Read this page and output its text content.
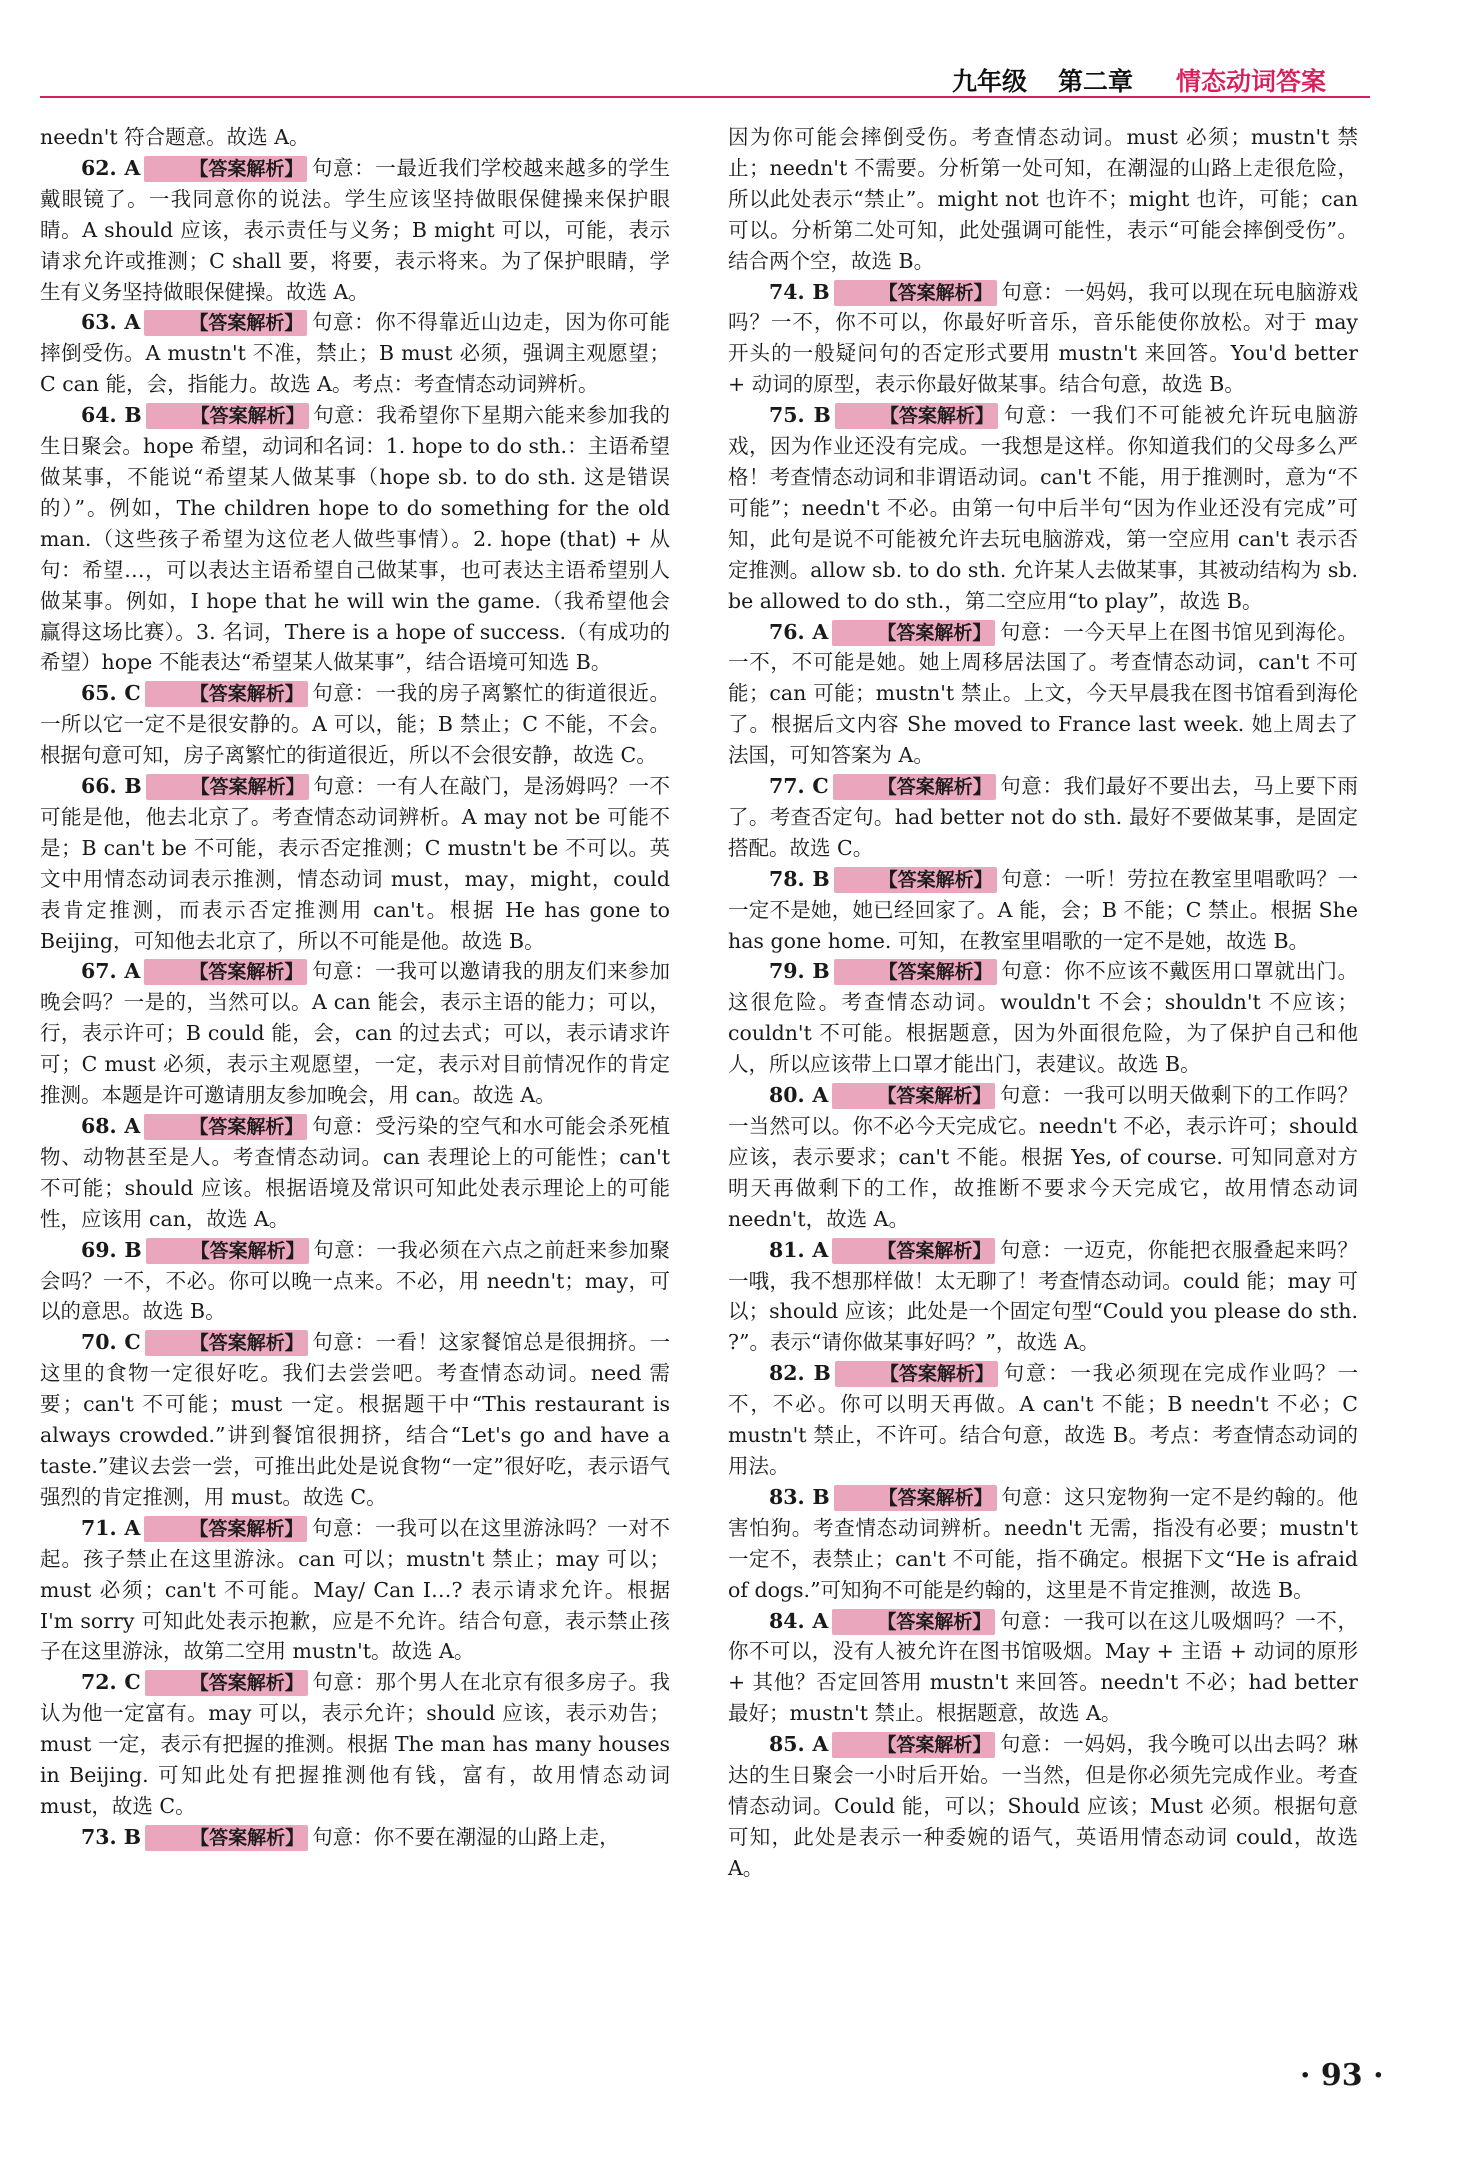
九年级 第二章 情态动词答案

needn't 符合题意。故选 A。

62. A	【答案解析】 句意：一最近我们学校越来越多的学生戴眼镜了。一我同意你的说法。学生应该坚持做眼保健操来保护眼睛。A should 应该，表示责任与义务；B might 可以，可能，表示请求允许或推测；C shall 要，将要，表示将来。为了保护眼睛，学生有义务坚持做眼保健操。故选 A。

63. A	【答案解析】 句意：你不得靠近山边走，因为你可能摔倒受伤。A mustn't 不准，禁止；B must 必须，强调主观愿望；C can 能，会，指能力。故选 A。考点：考查情态动词辨析。

64. B	【答案解析】 句意：我希望你下星期六能来参加我的生日聚会。hope 希望，动词和名词：1. hope to do sth.：主语希望做某事，不能说“希望某人做某事（hope sb. to do sth. 这是错误的）”。例如，The children hope to do something for the old man.（这些孩子希望为这位老人做些事情）。2. hope (that) + 从句：希望…，可以表达主语希望自己做某事，也可表达主语希望别人做某事。例如，I hope that he will win the game.（我希望他会赢得这场比赛）。3. 名词，There is a hope of success.（有成功的希望）hope 不能表达“希望某人做某事”，结合语境可知选 B。

65. C	【答案解析】 句意：一我的房子离繁忙的街道很近。一所以它一定不是很安静的。A 可以，能；B 禁止；C 不能，不会。根据句意可知，房子离繁忙的街道很近，所以不会很安静，故选 C。

66. B	【答案解析】 句意：一有人在敲门，是汤姆吗？一不可能是他，他去北京了。考查情态动词辨析。A may not be 可能不是；B can't be 不可能，表示否定推测；C mustn't be 不可以。英文中用情态动词表示推测，情态动词 must，may，might，could 表肯定推测，而表示否定推测用 can't。根据 He has gone to Beijing，可知他去北京了，所以不可能是他。故选 B。

67. A	【答案解析】 句意：一我可以邀请我的朋友们来参加晚会吗？一是的，当然可以。A can 能会，表示主语的能力；可以，行，表示许可；B could 能，会，can 的过去式；可以，表示请求许可；C must 必须，表示主观愿望，一定，表示对目前情况作的肯定推测。本题是许可邀请朋友参加晚会，用 can。故选 A。

68. A	【答案解析】 句意：受污染的空气和水可能会杀死植物、动物甚至是人。考查情态动词。can 表理论上的可能性；can't 不可能；should 应该。根据语境及常识可知此处表示理论上的可能性，应该用 can，故选 A。

69. B	【答案解析】 句意：一我必须在六点之前赶来参加聚会吗？一不，不必。你可以晚一点来。不必，用 needn't；may，可以的意思。故选 B。

70. C	【答案解析】 句意：一看！这家餐馆总是很拥挤。一这里的食物一定很好吃。我们去尝尝吧。考查情态动词。need 需要；can't 不可能；must 一定。根据题干中“This restaurant is always crowded.”讲到餐馆很拥挤，结合“Let's go and have a taste.”建议去尝一尝，可推出此处是说食物“一定”很好吃，表示语气强烈的肯定推测，用 must。故选 C。

71. A	【答案解析】 句意：一我可以在这里游泳吗？一对不起。孩子禁止在这里游泳。can 可以；mustn't 禁止；may 可以；must 必须；can't 不可能。May/ Can I…? 表示请求允许。根据 I'm sorry 可知此处表示抱歉，应是不允许。结合句意，表示禁止孩子在这里游泳，故第二空用 mustn't。故选 A。

72. C	【答案解析】 句意：那个男人在北京有很多房子。我认为他一定富有。may 可以，表示允许；should 应该，表示劝告；must 一定，表示有把握的推测。根据 The man has many houses in Beijing. 可知此处有把握推测他有钱，富有，故用情态动词 must，故选 C。

73. B	【答案解析】 句意：你不要在潮湿的山路上走，

因为你可能会摔倒受伤。考查情态动词。must 必须；mustn't 禁止；needn't 不需要。分析第一处可知，在潮湿的山路上走很危险，所以此处表示“禁止”。might not 也许不；might 也许，可能；can 可以。分析第二处可知，此处强调可能性，表示“可能会摔倒受伤”。结合两个空，故选 B。

74. B	【答案解析】 句意：一妈妈，我可以现在玩电脑游戏吗？一不，你不可以，你最好听音乐，音乐能使你放松。对于 may 开头的一般疑问句的否定形式要用 mustn't 来回答。You'd better + 动词的原型，表示你最好做某事。结合句意，故选 B。

75. B	【答案解析】 句意：一我们不可能被允许玩电脑游戏，因为作业还没有完成。一我想是这样。你知道我们的父母多么严格！考查情态动词和非谓语动词。can't 不能，用于推测时，意为“不可能”；needn't 不必。由第一句中后半句“因为作业还没有完成”可知，此句是说不可能被允许去玩电脑游戏，第一空应用 can't 表示否定推测。allow sb. to do sth. 允许某人去做某事，其被动结构为 sb. be allowed to do sth.，第二空应用“to play”，故选 B。

76. A	【答案解析】 句意：一今天早上在图书馆见到海伦。一不，不可能是她。她上周移居法国了。考查情态动词，can't 不可能；can 可能；mustn't 禁止。上文，今天早晨我在图书馆看到海伦了。根据后文内容 She moved to France last week. 她上周去了法国，可知答案为 A。

77. C	【答案解析】 句意：我们最好不要出去，马上要下雨了。考查否定句。had better not do sth. 最好不要做某事，是固定搭配。故选 C。

78. B	【答案解析】 句意：一听！劳拉在教室里唱歌吗？一一定不是她，她已经回家了。A 能，会；B 不能；C 禁止。根据 She has gone home. 可知，在教室里唱歌的一定不是她，故选 B。

79. B	【答案解析】 句意：你不应该不戴医用口罩就出门。这很危险。考查情态动词。wouldn't 不会；shouldn't 不应该；couldn't 不可能。根据题意，因为外面很危险，为了保护自己和他人，所以应该带上口罩才能出门，表建议。故选 B。

80. A	【答案解析】 句意：一我可以明天做剩下的工作吗？一当然可以。你不必今天完成它。needn't 不必，表示许可；should 应该，表示要求；can't 不能。根据 Yes, of course. 可知同意对方明天再做剩下的工作，故推断不要求今天完成它，故用情态动词 needn't，故选 A。

81. A	【答案解析】 句意：一迈克，你能把衣服叠起来吗？一哦，我不想那样做！太无聊了！考查情态动词。could 能；may 可以；should 应该；此处是一个固定句型“Could you please do sth. ?”。表示“请你做某事好吗？”，故选 A。

82. B	【答案解析】 句意：一我必须现在完成作业吗？一不，不必。你可以明天再做。A can't 不能；B needn't 不必；C mustn't 禁止，不许可。结合句意，故选 B。考点：考查情态动词的用法。

83. B	【答案解析】 句意：这只宠物狗一定不是约翰的。他害怕狗。考查情态动词辨析。needn't 无需，指没有必要；mustn't 一定不，表禁止；can't 不可能，指不确定。根据下文“He is afraid of dogs.”可知狗不可能是约翰的，这里是不肯定推测，故选 B。

84. A	【答案解析】 句意：一我可以在这儿吸烟吗？一不，你不可以，没有人被允许在图书馆吸烟。May + 主语 + 动词的原形 + 其他？否定回答用 mustn't 来回答。needn't 不必；had better 最好；mustn't 禁止。根据题意，故选 A。

85. A	【答案解析】 句意：一妈妈，我今晚可以出去吗？琳达的生日聚会一小时后开始。一当然，但是你必须先完成作业。考查情态动词。Could 能，可以；Should 应该；Must 必须。根据句意可知，此处是表示一种委婉的语气，英语用情态动词 could，故选 A。

· 93 ·
